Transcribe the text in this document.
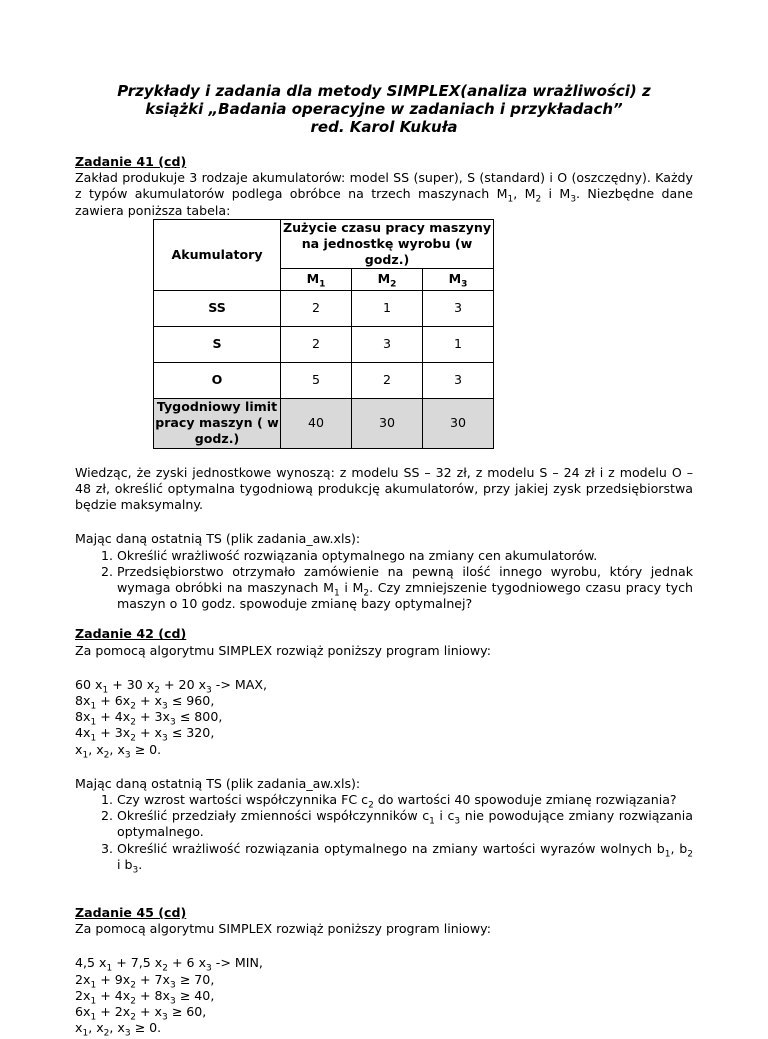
Przykłady i zadania dla metody SIMPLEX(analiza wrażliwości) z

książki „Badania operacyjne w zadaniach i przykładach”

red. Karol Kukuła

Zadanie 41 (cd)

Zakład produkuje 3 rodzaje akumulatorów: model SS (super), S (standard) i O (oszczędny). Każdy z typów akumulatorów podlega obróbce na trzech maszynach $M_1$, $M_2$ i $M_3$. Niezbędne dane zawiera poniższa tabela:

Akumulatory	Zużycie czasu pracy maszyny na jednostkę wyrobu (w godz.)		
	$M_1$	$M_2$	$M_3$
SS	2	1	3
S	2	3	1
O	5	2	3
Tygodniowy limit pracy maszyn ( w godz.)	40	30	30

Wiedząc, że zyski jednostkowe wynoszą: z modelu SS – 32 zł, z modelu S – 24 zł i z modelu O – 48 zł, określić optymalna tygodniową produkcję akumulatorów, przy jakiej zysk przedsiębiorstwa będzie maksymalny.

Mając daną ostatnią TS (plik zadania_aw.xls):

1. Określić wrażliwość rozwiązania optymalnego na zmiany cen akumulatorów.
2. Przedsiębiorstwo otrzymało zamówienie na pewną ilość innego wyrobu, który jednak wymaga obróbki na maszynach $M_1$ i $M_2$. Czy zmniejszenie tygodniowego czasu pracy tych maszyn o 10 godz. spowoduje zmianę bazy optymalnej?

Zadanie 42 (cd)

Za pomocą algorytmu SIMPLEX rozwiąż poniższy program liniowy:

60 $x_1 + 30$ $x_2 + 20$ $x_3$ -> MAX,

$8x_1 + 6x_2 + x_3 \le 960$,

$8x_1 + 4x_2 + 3x_3 \le 800$,

$4x_1 + 3x_2 + x_3 \le 320$,

$x_1$, $x_2$, $x_3 \ge 0$.

Mając daną ostatnią TS (plik zadania_aw.xls):

1. Czy wzrost wartości współczynnika FC $c_2$ do wartości 40 spowoduje zmianę rozwiązania?
2. Określić przedziały zmienności współczynników $c_1$ i $c_3$ nie powodujące zmiany rozwiązania optymalnego.
3. Określić wrażliwość rozwiązania optymalnego na zmiany wartości wyrazów wolnych $b_1$, $b_2$ i $b_3$.

Zadanie 45 (cd)

Za pomocą algorytmu SIMPLEX rozwiąż poniższy program liniowy:

4,5 $x_1 + 7,5$ $x_2 + 6$ $x_3$ -> MIN,

$2x_1 + 9x_2 + 7x_3 \ge 70$,

$2x_1 + 4x_2 + 8x_3 \ge 40$,

$6x_1 + 2x_2 + x_3 \ge 60$,

$x_1$, $x_2$, $x_3 \ge 0$.
